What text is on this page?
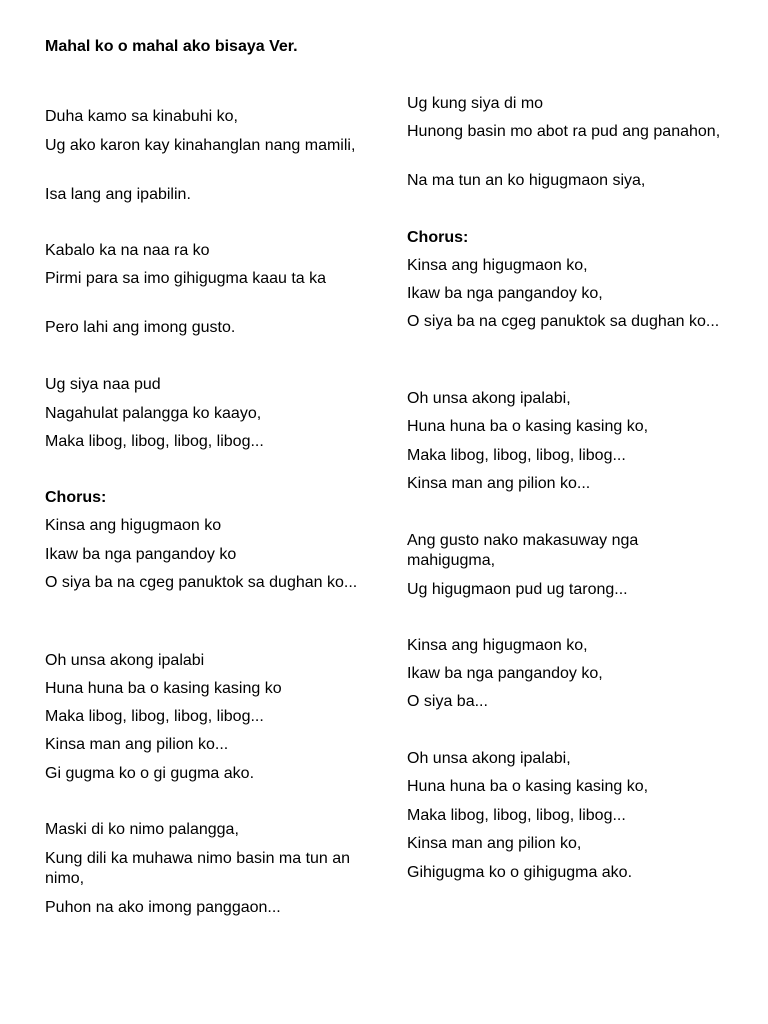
Mahal ko o mahal ako bisaya Ver.

Duha kamo sa kinabuhi ko,

Ug ako karon kay kinahanglan nang mamili,

Isa lang ang ipabilin.

Kabalo ka na naa ra ko

Pirmi para sa imo gihigugma kaau ta ka

Pero lahi ang imong gusto.

Ug siya naa pud

Nagahulat palangga ko kaayo,

Maka libog, libog, libog, libog...

Chorus:

Kinsa ang higugmaon ko

Ikaw ba nga pangandoy ko

O siya ba na cgeg panuktok sa dughan ko...

Oh unsa akong ipalabi

Huna huna ba o kasing kasing ko

Maka libog, libog, libog, libog...

Kinsa man ang pilion ko...

Gi gugma ko o gi gugma ako.

Maski di ko nimo palangga,

Kung dili ka muhawa nimo basin ma tun an nimo,

Puhon na ako imong panggaon...

Ug kung siya di mo

Hunong basin mo abot ra pud ang panahon,

Na ma tun an ko higugmaon siya,

Chorus:

Kinsa ang higugmaon ko,

Ikaw ba nga pangandoy ko,

O siya ba na cgeg panuktok sa dughan ko...

Oh unsa akong ipalabi,

Huna huna ba o kasing kasing ko,

Maka libog, libog, libog, libog...

Kinsa man ang pilion ko...

Ang gusto nako makasuway nga mahigugma,

Ug higugmaon pud ug tarong...

Kinsa ang higugmaon ko,

Ikaw ba nga pangandoy ko,

O siya ba...

Oh unsa akong ipalabi,

Huna huna ba o kasing kasing ko,

Maka libog, libog, libog, libog...

Kinsa man ang pilion ko,

Gihigugma ko o gihigugma ako.
